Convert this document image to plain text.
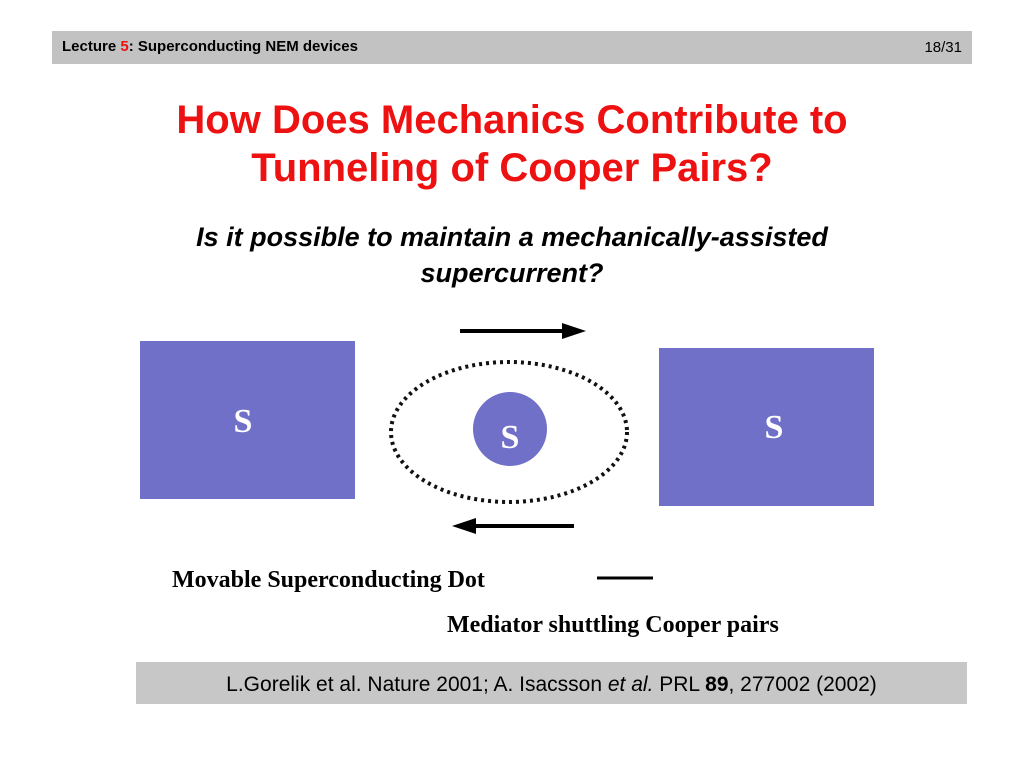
Lecture 5: Superconducting NEM devices	18/31
How Does Mechanics Contribute to
Tunneling of Cooper Pairs?
Is it possible to maintain a mechanically-assisted
supercurrent?
S	S	S
Movable Superconducting Dot
Mediator shuttling Cooper pairs
L.Gorelik et al. Nature 2001; A. Isacsson et al. PRL 89, 277002 (2002)
